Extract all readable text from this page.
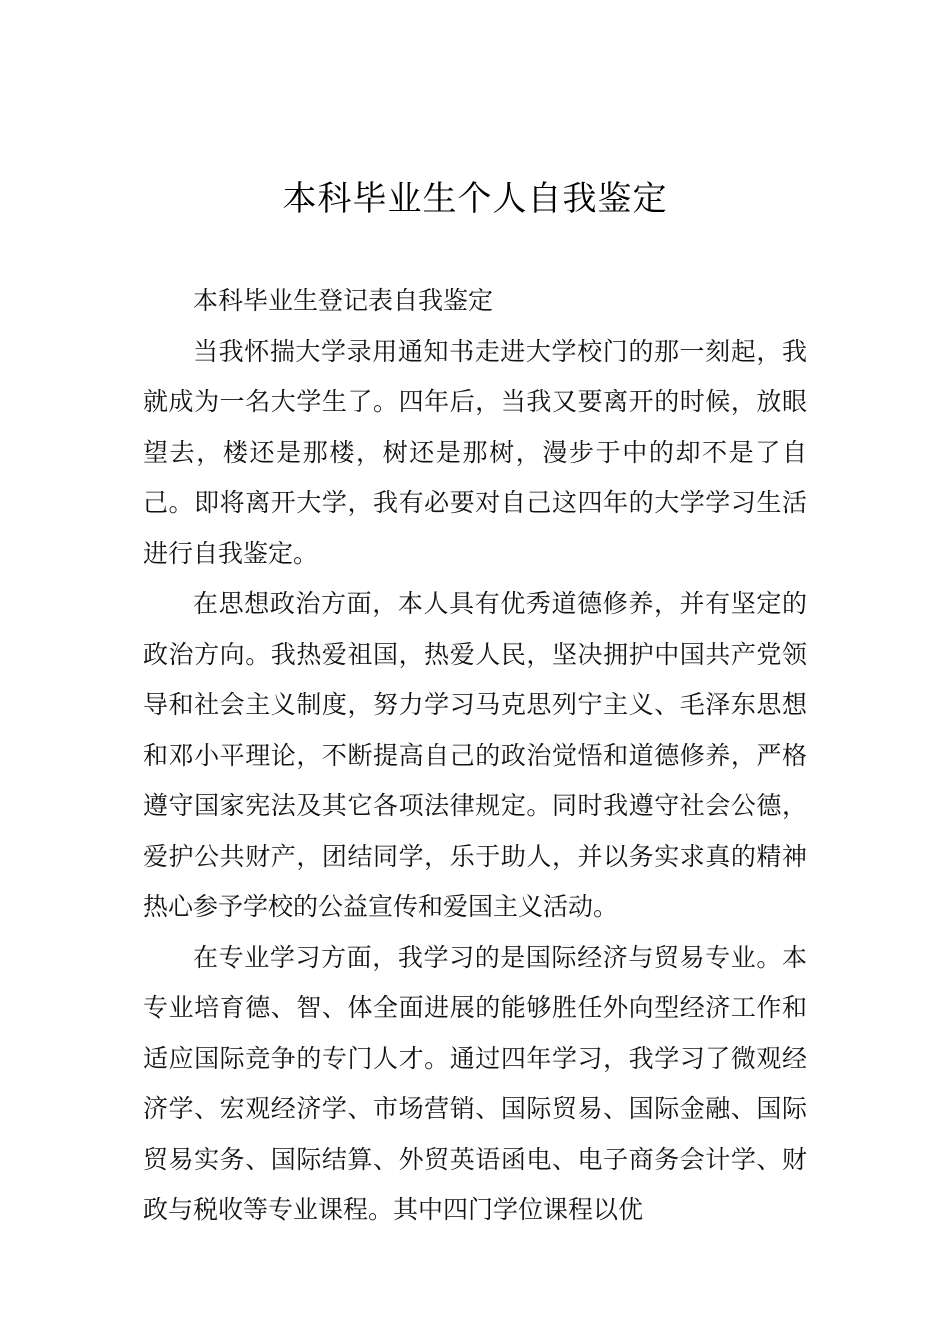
本科毕业生个人自我鉴定

本科毕业生登记表自我鉴定

当我怀揣大学录用通知书走进大学校门的那一刻起，我就成为一名大学生了。四年后，当我又要离开的时候，放眼望去，楼还是那楼，树还是那树，漫步于中的却不是了自己。即将离开大学，我有必要对自己这四年的大学学习生活进行自我鉴定。

在思想政治方面，本人具有优秀道德修养，并有坚定的政治方向。我热爱祖国，热爱人民，坚决拥护中国共产党领导和社会主义制度，努力学习马克思列宁主义、毛泽东思想和邓小平理论，不断提高自己的政治觉悟和道德修养，严格遵守国家宪法及其它各项法律规定。同时我遵守社会公德，爱护公共财产，团结同学，乐于助人，并以务实求真的精神热心参予学校的公益宣传和爱国主义活动。

在专业学习方面，我学习的是国际经济与贸易专业。本专业培育德、智、体全面进展的能够胜任外向型经济工作和适应国际竞争的专门人才。通过四年学习，我学习了微观经济学、宏观经济学、市场营销、国际贸易、国际金融、国际贸易实务、国际结算、外贸英语函电、电子商务会计学、财政与税收等专业课程。其中四门学位课程以优
